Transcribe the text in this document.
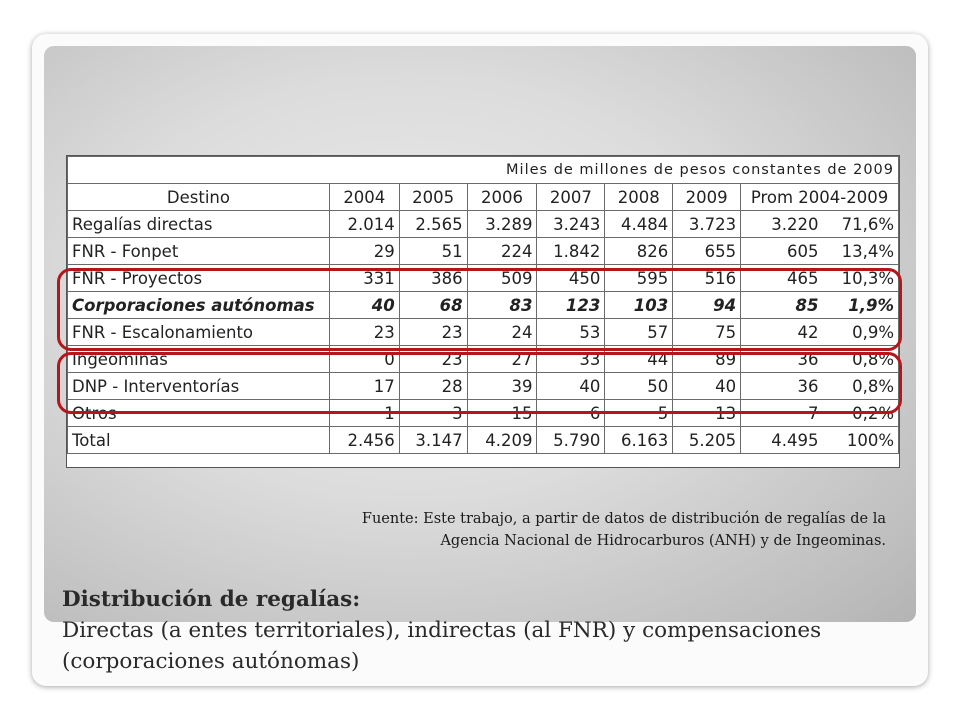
Miles de millones de pesos constantes de 2009								
Destino	2004	2005	2006	2007	2008	2009	Prom 2004-2009	
Regalías directas	2.014	2.565	3.289	3.243	4.484	3.723	3.220	71,6%
FNR - Fonpet	29	51	224	1.842	826	655	605	13,4%
FNR - Proyectos	331	386	509	450	595	516	465	10,3%
Corporaciones autónomas	40	68	83	123	103	94	85	1,9%
FNR - Escalonamiento	23	23	24	53	57	75	42	0,9%
Ingeominas	0	23	27	33	44	89	36	0,8%
DNP - Interventorías	17	28	39	40	50	40	36	0,8%
Otros	1	3	15	6	5	13	7	0,2%
Total	2.456	3.147	4.209	5.790	6.163	5.205	4.495	100%
Fuente: Este trabajo, a partir de datos de distribución de regalías de la
Agencia Nacional de Hidrocarburos (ANH) y de Ingeominas.
Distribución de regalías:
Directas (a entes territoriales), indirectas (al FNR) y compensaciones (corporaciones autónomas)
